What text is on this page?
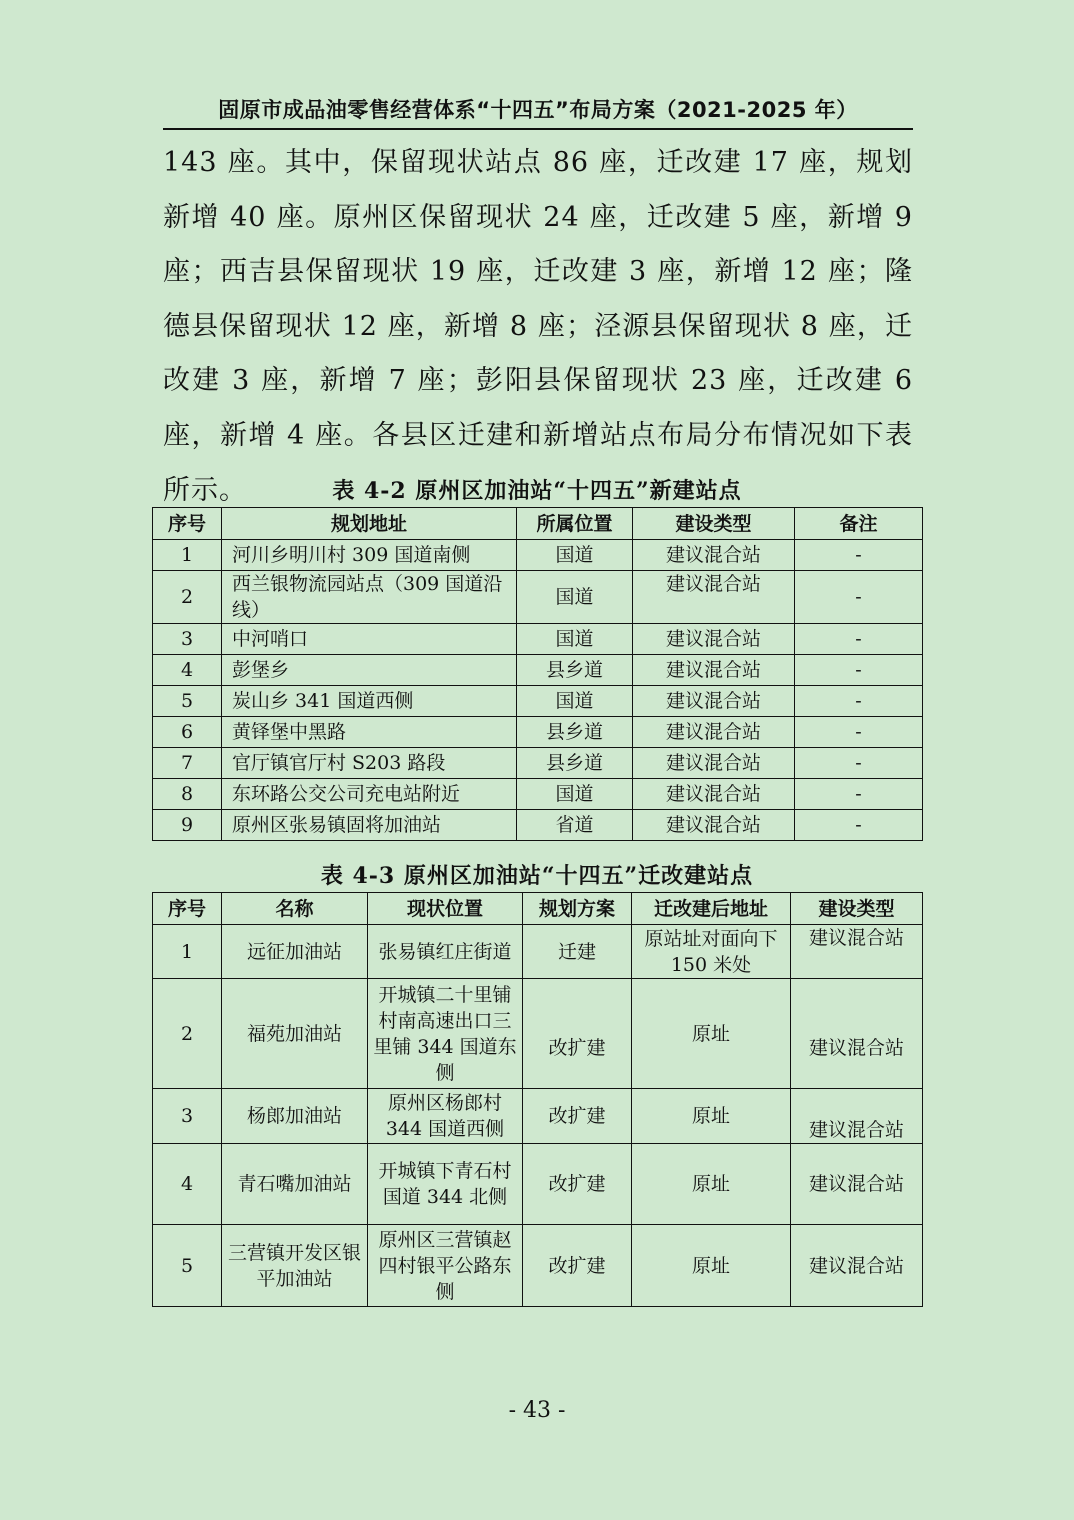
固原市成品油零售经营体系“十四五”布局方案（2021-2025 年）
143 座。其中，保留现状站点 86 座，迁改建 17 座，规划新增 40 座。原州区保留现状 24 座，迁改建 5 座，新增 9 座；西吉县保留现状 19 座，迁改建 3 座，新增 12 座；隆德县保留现状 12 座，新增 8 座；泾源县保留现状 8 座，迁改建 3 座，新增 7 座；彭阳县保留现状 23 座，迁改建 6 座，新增 4 座。各县区迁建和新增站点布局分布情况如下表所示。	表 4-2 原州区加油站“十四五”新建站点
序号	规划地址	所属位置	建设类型	备注
1	河川乡明川村 309 国道南侧	国道	建议混合站	-
2	西兰银物流园站点（309 国道沿线）	国道	建议混合站	-
3	中河哨口	国道	建议混合站	-
4	彭堡乡	县乡道	建议混合站	-
5	炭山乡 341 国道西侧	国道	建议混合站	-
6	黄铎堡中黑路	县乡道	建议混合站	-
7	官厅镇官厅村 S203 路段	县乡道	建议混合站	-
8	东环路公交公司充电站附近	国道	建议混合站	-
9	原州区张易镇固将加油站	省道	建议混合站	-
表 4-3 原州区加油站“十四五”迁改建站点
序号	名称	现状位置	规划方案	迁改建后地址	建设类型
1	远征加油站	张易镇红庄街道	迁建	原站址对面向下 150 米处	建议混合站
2	福苑加油站	开城镇二十里铺村南高速出口三里铺 344 国道东侧	改扩建	原址	建议混合站
3	杨郎加油站	原州区杨郎村 344 国道西侧	改扩建	原址	建议混合站
4	青石嘴加油站	开城镇下青石村国道 344 北侧	改扩建	原址	建议混合站
5	三营镇开发区银平加油站	原州区三营镇赵四村银平公路东侧	改扩建	原址	建议混合站
- 43 -
